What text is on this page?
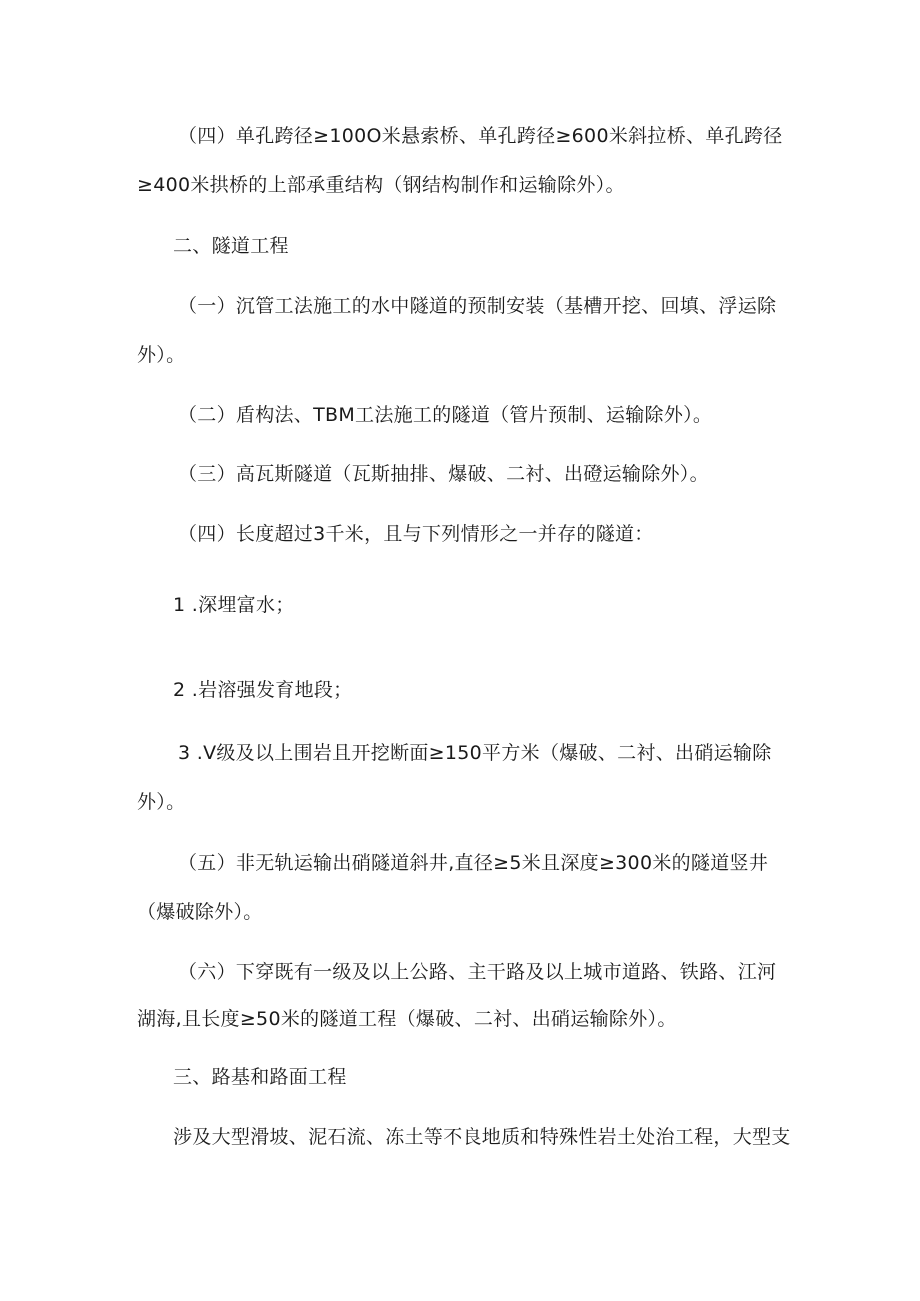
（四）单孔跨径≥100O米悬索桥、单孔跨径≥600米斜拉桥、单孔跨径
≥400米拱桥的上部承重结构（钢结构制作和运输除外）。
二、隧道工程
（一）沉管工法施工的水中隧道的预制安装（基槽开挖、回填、浮运除
外）。
（二）盾构法、TBM工法施工的隧道（管片预制、运输除外）。
（三）高瓦斯隧道（瓦斯抽排、爆破、二衬、出磴运输除外）。
（四）长度超过3千米，且与下列情形之一并存的隧道：
1 .深埋富水；
2 .岩溶强发育地段；
3 .V级及以上围岩且开挖断面≥150平方米（爆破、二衬、出硝运输除
外）。
（五）非无轨运输出硝隧道斜井,直径≥5米且深度≥300米的隧道竖井
（爆破除外）。
（六）下穿既有一级及以上公路、主干路及以上城市道路、铁路、江河
湖海,且长度≥50米的隧道工程（爆破、二衬、出硝运输除外）。
三、路基和路面工程
涉及大型滑坡、泥石流、冻土等不良地质和特殊性岩土处治工程，大型支
